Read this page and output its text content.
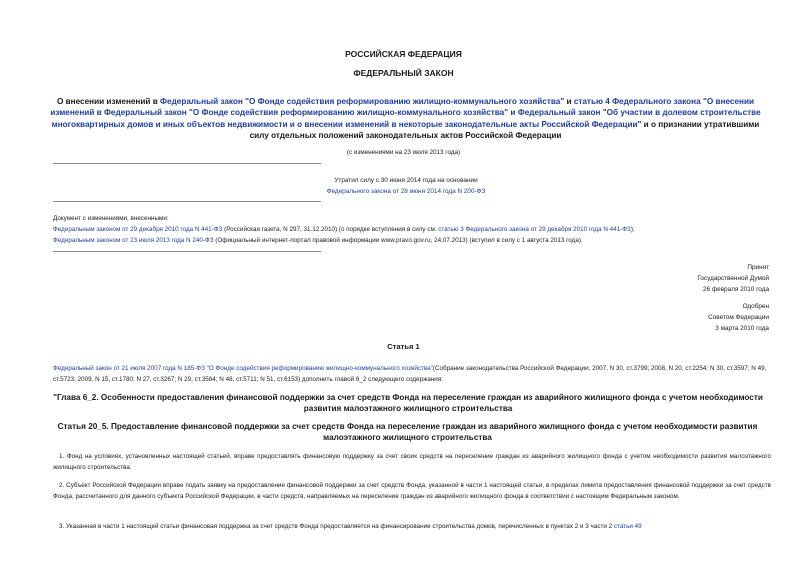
РОССИЙСКАЯ ФЕДЕРАЦИЯ
ФЕДЕРАЛЬНЫЙ ЗАКОН
О внесении изменений в Федеральный закон "О Фонде содействия реформированию жилищно-коммунального хозяйства" и статью 4 Федерального закона "О внесении изменений в Федеральный закон "О Фонде содействия реформированию жилищно-коммунального хозяйства" и Федеральный закон "Об участии в долевом строительстве многоквартирных домов и иных объектов недвижимости и о внесении изменений в некоторые законодательные акты Российской Федерации" и о признании утратившими силу отдельных положений законодательных актов Российской Федерации
(с изменениями на 23 июля 2013 года)
Утратил силу с 30 июня 2014 года на основании
Федерального закона от 28 июня 2014 года N 200-ФЗ
Документ с изменениями, внесенными:
Федеральным законом от 29 декабря 2010 года N 441-ФЗ (Российская газета, N 297, 31.12.2010) (о порядке вступления в силу см. статью 3 Федерального закона от 29 декабря 2010 года N 441-ФЗ);
Федеральным законом от 23 июля 2013 года N 240-ФЗ (Официальный интернет-портал правовой информации www.pravo.gov.ru, 24.07.2013) (вступил в силу с 1 августа 2013 года).
Принят
Государственной Думой
26 февраля 2010 года
Одобрен
Советом Федерации
3 марта 2010 года
Статья 1
Федеральный закон от 21 июля 2007 года N 185-ФЗ "О Фонде содействия реформированию жилищно-коммунального хозяйства"(Собрание законодательства Российской Федерации, 2007, N 30, ст.3799; 2008, N 20, ст.2254; N 30, ст.3597; N 49, ст.5723; 2009, N 15, ст.1780; N 27, ст.3267; N 29, ст.3584; N 48, ст.5711; N 51, ст.6153) дополнить главой 6_2 следующего содержания:
"Глава 6_2. Особенности предоставления финансовой поддержки за счет средств Фонда на переселение граждан из аварийного жилищного фонда с учетом необходимости развития малоэтажного жилищного строительства
Статья 20_5. Предоставление финансовой поддержки за счет средств Фонда на переселение граждан из аварийного жилищного фонда с учетом необходимости развития малоэтажного жилищного строительства
1. Фонд на условиях, установленных настоящей статьей, вправе предоставлять финансовую поддержку за счет своих средств на переселение граждан из аварийного жилищного фонда с учетом необходимости развития малоэтажного жилищного строительства.
2. Субъект Российской Федерации вправе подать заявку на предоставление финансовой поддержки за счет средств Фонда, указанной в части 1 настоящей статьи, в пределах лимита предоставления финансовой поддержки за счет средств Фонда, рассчитанного для данного субъекта Российской Федерации, в части средств, направляемых на переселение граждан из аварийного жилищного фонда в соответствии с настоящим Федеральным законом.
3. Указанная в части 1 настоящей статьи финансовая поддержка за счет средств Фонда предоставляется на финансирование строительства домов, перечисленных в пунктах 2 и 3 части 2 статьи 49
